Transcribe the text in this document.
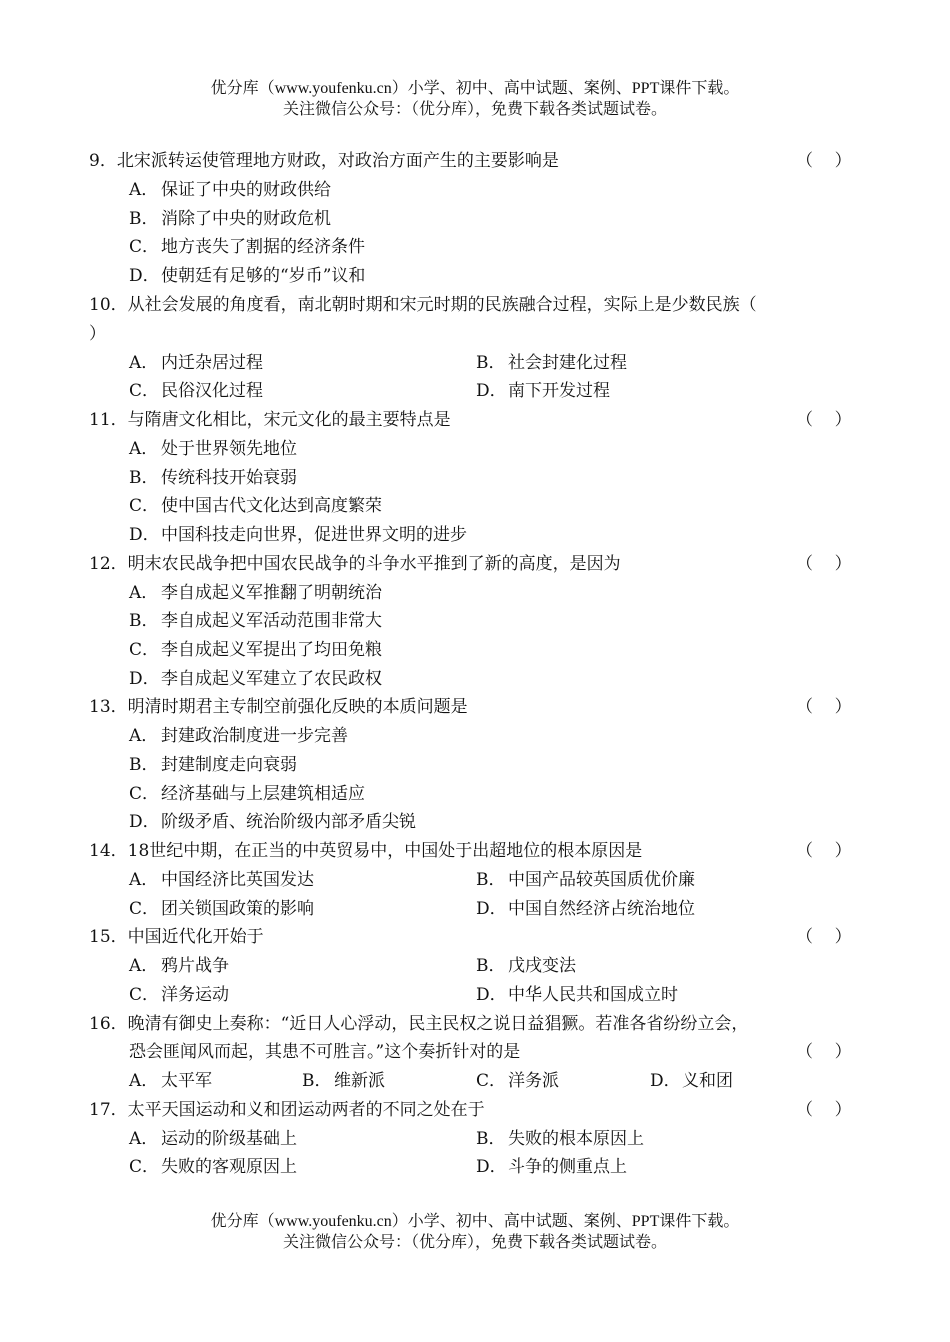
优分库（www.youfenku.cn）小学、初中、高中试题、案例、PPT课件下载。
关注微信公众号：（优分库），免费下载各类试题试卷。
9．北宋派转运使管理地方财政，对政治方面产生的主要影响是	（    ）
A． 保证了中央的财政供给
B． 消除了中央的财政危机
C． 地方丧失了割据的经济条件
D．使朝廷有足够的“岁币”议和
10．从社会发展的角度看，南北朝时期和宋元时期的民族融合过程，实际上是少数民族（
）
A． 内迁杂居过程	B． 社会封建化过程
C． 民俗汉化过程	D．南下开发过程
11．与隋唐文化相比，宋元文化的最主要特点是	（    ）
A． 处于世界领先地位
B． 传统科技开始衰弱
C． 使中国古代文化达到高度繁荣
D．中国科技走向世界，促进世界文明的进步
12．明末农民战争把中国农民战争的斗争水平推到了新的高度，是因为	（    ）
A． 李自成起义军推翻了明朝统治
B． 李自成起义军活动范围非常大
C． 李自成起义军提出了均田免粮
D．李自成起义军建立了农民政权
13．明清时期君主专制空前强化反映的本质问题是	（    ）
A． 封建政治制度进一步完善
B． 封建制度走向衰弱
C． 经济基础与上层建筑相适应
D．阶级矛盾、统治阶级内部矛盾尖锐
14．18世纪中期，在正当的中英贸易中，中国处于出超地位的根本原因是	（    ）
A． 中国经济比英国发达	B． 中国产品较英国质优价廉
C． 团关锁国政策的影响	D．中国自然经济占统治地位
15．中国近代化开始于	（    ）
A． 鸦片战争	B． 戊戌变法
C． 洋务运动	D．中华人民共和国成立时
16．晚清有御史上奏称：“近日人心浮动，民主民权之说日益猖獗。若准各省纷纷立会，
恐会匪闻风而起，其患不可胜言。”这个奏折针对的是	（    ）
A． 太平军	B． 维新派	C． 洋务派	D．义和团
17．太平天国运动和义和团运动两者的不同之处在于	（    ）
A． 运动的阶级基础上	B． 失败的根本原因上
C． 失败的客观原因上	D．斗争的侧重点上
优分库（www.youfenku.cn）小学、初中、高中试题、案例、PPT课件下载。
关注微信公众号：（优分库），免费下载各类试题试卷。
